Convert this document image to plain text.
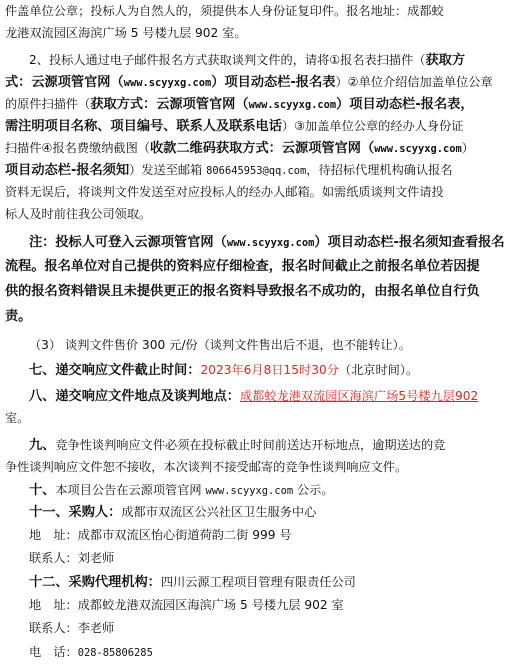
件盖单位公章；投标人为自然人的，须提供本人身份证复印件。报名地址：成都蛟
龙港双流园区海滨广场 5 号楼九层 902 室。
2、投标人通过电子邮件报名方式获取谈判文件的，请将①报名表扫描件（获取方
式：云源项管官网（www.scyyxg.com）项目动态栏-报名表）②单位介绍信加盖单位公章
的原件扫描件（获取方式：云源项管官网（www.scyyxg.com）项目动态栏-报名表，
需注明项目名称、项目编号、联系人及联系电话）③加盖单位公章的经办人身份证
扫描件④报名费缴纳截图（收款二维码获取方式：云源项管官网（www.scyyxg.com）
项目动态栏-报名须知）发送至邮箱 806645953@qq.com，待招标代理机构确认报名
资料无误后，将谈判文件发送至对应投标人的经办人邮箱。如需纸质谈判文件请投
标人及时前往我公司领取。
注：投标人可登入云源项管官网（www.scyyxg.com）项目动态栏-报名须知查看报名
流程。报名单位对自己提供的资料应仔细检查，报名时间截止之前报名单位若因提
供的报名资料错误且未提供更正的报名资料导致报名不成功的，由报名单位自行负
责。
（3） 谈判文件售价 300 元/份（谈判文件售出后不退，也不能转让）。
七、递交响应文件截止时间：2023年6月8日15时30分（北京时间）。
八、递交响应文件地点及谈判地点：成都蛟龙港双流园区海滨广场5号楼九层902
室。
九、竞争性谈判响应文件必须在投标截止时间前送达开标地点，逾期送达的竞
争性谈判响应文件恕不接收，本次谈判不接受邮寄的竞争性谈判响应文件。
十、本项目公告在云源项管官网 www.scyyxg.com 公示。
十一、采购人：成都市双流区公兴社区卫生服务中心
地　址：成都市双流区怡心街道荷韵二街 999 号
联系人：刘老师
十二、采购代理机构：四川云源工程项目管理有限责任公司
地　址：成都蛟龙港双流园区海滨广场 5 号楼九层 902 室
联系人：李老师
电　话：028-85806285
